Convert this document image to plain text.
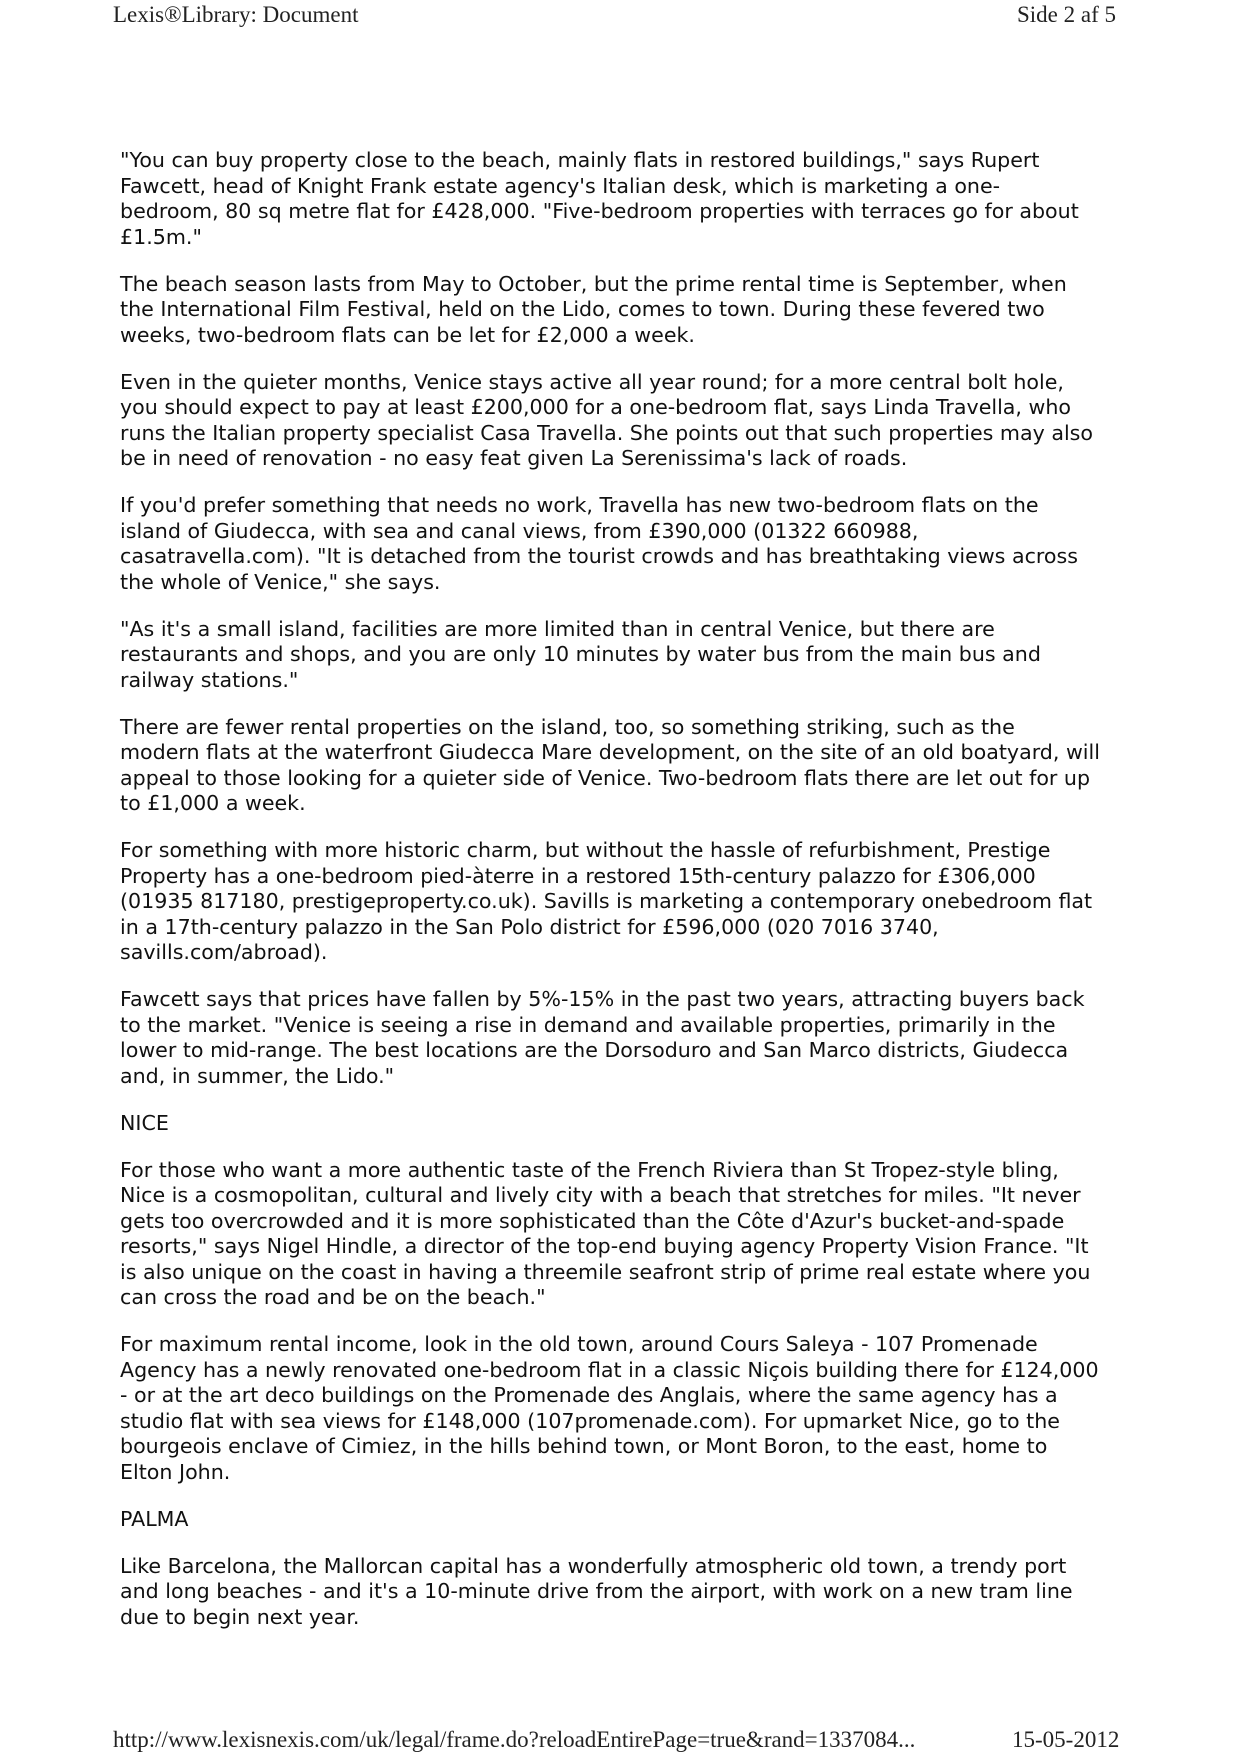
Lexis®Library: Document	Side 2 af 5

"You can buy property close to the beach, mainly flats in restored buildings," says Rupert
Fawcett, head of Knight Frank estate agency's Italian desk, which is marketing a one-
bedroom, 80 sq metre flat for £428,000. "Five-bedroom properties with terraces go for about
£1.5m."

The beach season lasts from May to October, but the prime rental time is September, when
the International Film Festival, held on the Lido, comes to town. During these fevered two
weeks, two-bedroom flats can be let for £2,000 a week.

Even in the quieter months, Venice stays active all year round; for a more central bolt hole,
you should expect to pay at least £200,000 for a one-bedroom flat, says Linda Travella, who
runs the Italian property specialist Casa Travella. She points out that such properties may also
be in need of renovation - no easy feat given La Serenissima's lack of roads.

If you'd prefer something that needs no work, Travella has new two-bedroom flats on the
island of Giudecca, with sea and canal views, from £390,000 (01322 660988,
casatravella.com). "It is detached from the tourist crowds and has breathtaking views across
the whole of Venice," she says.

"As it's a small island, facilities are more limited than in central Venice, but there are
restaurants and shops, and you are only 10 minutes by water bus from the main bus and
railway stations."

There are fewer rental properties on the island, too, so something striking, such as the
modern flats at the waterfront Giudecca Mare development, on the site of an old boatyard, will
appeal to those looking for a quieter side of Venice. Two-bedroom flats there are let out for up
to £1,000 a week.

For something with more historic charm, but without the hassle of refurbishment, Prestige
Property has a one-bedroom pied-àterre in a restored 15th-century palazzo for £306,000
(01935 817180, prestigeproperty.co.uk). Savills is marketing a contemporary onebedroom flat
in a 17th-century palazzo in the San Polo district for £596,000 (020 7016 3740,
savills.com/abroad).

Fawcett says that prices have fallen by 5%-15% in the past two years, attracting buyers back
to the market. "Venice is seeing a rise in demand and available properties, primarily in the
lower to mid-range. The best locations are the Dorsoduro and San Marco districts, Giudecca
and, in summer, the Lido."

NICE

For those who want a more authentic taste of the French Riviera than St Tropez-style bling,
Nice is a cosmopolitan, cultural and lively city with a beach that stretches for miles. "It never
gets too overcrowded and it is more sophisticated than the Côte d'Azur's bucket-and-spade
resorts," says Nigel Hindle, a director of the top-end buying agency Property Vision France. "It
is also unique on the coast in having a threemile seafront strip of prime real estate where you
can cross the road and be on the beach."

For maximum rental income, look in the old town, around Cours Saleya - 107 Promenade
Agency has a newly renovated one-bedroom flat in a classic Niçois building there for £124,000
- or at the art deco buildings on the Promenade des Anglais, where the same agency has a
studio flat with sea views for £148,000 (107promenade.com). For upmarket Nice, go to the
bourgeois enclave of Cimiez, in the hills behind town, or Mont Boron, to the east, home to
Elton John.

PALMA

Like Barcelona, the Mallorcan capital has a wonderfully atmospheric old town, a trendy port
and long beaches - and it's a 10-minute drive from the airport, with work on a new tram line
due to begin next year.

http://www.lexisnexis.com/uk/legal/frame.do?reloadEntirePage=true&rand=1337084...	15-05-2012
